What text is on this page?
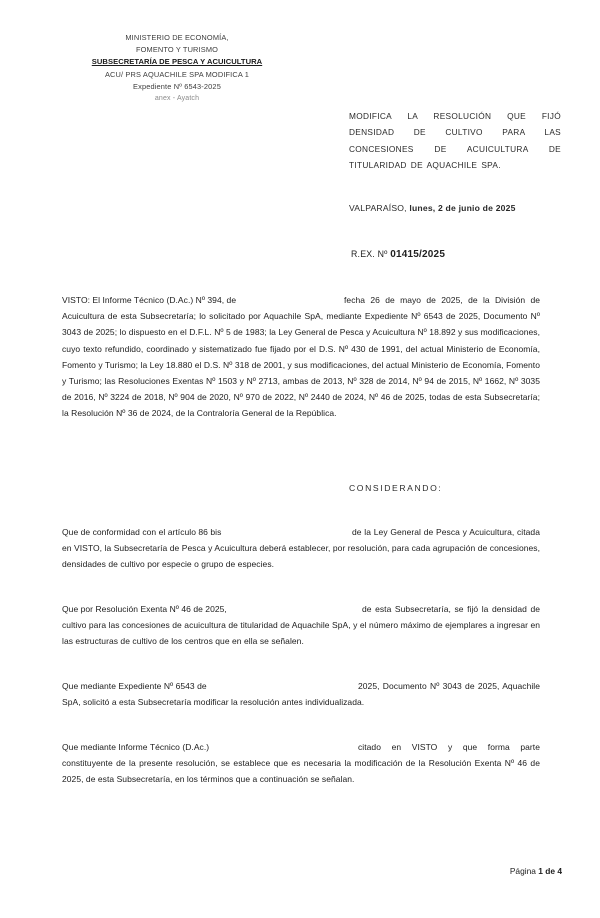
MINISTERIO DE ECONOMÍA,
FOMENTO Y TURISMO
SUBSECRETARÍA DE PESCA Y ACUICULTURA
ACU/ PRS AQUACHILE SPA MODIFICA 1
Expediente Nº 6543-2025
anex - Ayatch
MODIFICA LA RESOLUCIÓN QUE FIJÓ DENSIDAD DE CULTIVO PARA LAS CONCESIONES DE ACUICULTURA DE TITULARIDAD DE AQUACHILE SPA.
VALPARAÍSO, lunes, 2 de junio de 2025
R.EX. Nº 01415/2025

VISTO: El Informe Técnico (D.Ac.) Nº 394, de	fecha 26 de mayo de 2025, de la División de Acuicultura de esta Subsecretaría; lo solicitado por Aquachile SpA, mediante Expediente Nº 6543 de 2025, Documento Nº 3043 de 2025; lo dispuesto en el D.F.L. Nº 5 de 1983; la Ley General de Pesca y Acuicultura Nº 18.892 y sus modificaciones, cuyo texto refundido, coordinado y sistematizado fue fijado por el D.S. Nº 430 de 1991, del actual Ministerio de Economía, Fomento y Turismo; la Ley 18.880 el D.S. Nº 318 de 2001, y sus modificaciones, del actual Ministerio de Economía, Fomento y Turismo; las Resoluciones Exentas Nº 1503 y Nº 2713, ambas de 2013, Nº 328 de 2014, Nº 94 de 2015, Nº 1662, Nº 3035 de 2016, Nº 3224 de 2018, Nº 904 de 2020, Nº 970 de 2022, Nº 2440 de 2024, Nº 46 de 2025, todas de esta Subsecretaría; la Resolución Nº 36 de 2024, de la Contraloría General de la República.

CONSIDERANDO:

Que de conformidad con el artículo 86 bis	de la Ley General de Pesca y Acuicultura, citada en VISTO, la Subsecretaría de Pesca y Acuicultura deberá establecer, por resolución, para cada agrupación de concesiones, densidades de cultivo por especie o grupo de especies.

Que por Resolución Exenta Nº 46 de 2025,	de esta Subsecretaría, se fijó la densidad de cultivo para las concesiones de acuicultura de titularidad de Aquachile SpA, y el número máximo de ejemplares a ingresar en las estructuras de cultivo de los centros que en ella se señalen.

Que mediante Expediente Nº 6543 de	2025, Documento Nº 3043 de 2025, Aquachile SpA, solicitó a esta Subsecretaría modificar la resolución antes individualizada.

Que mediante Informe Técnico (D.Ac.)	citado en VISTO y que forma parte constituyente de la presente resolución, se establece que es necesaria la modificación de la Resolución Exenta Nº 46 de 2025, de esta Subsecretaría, en los términos que a continuación se señalan.

Página 1 de 4
